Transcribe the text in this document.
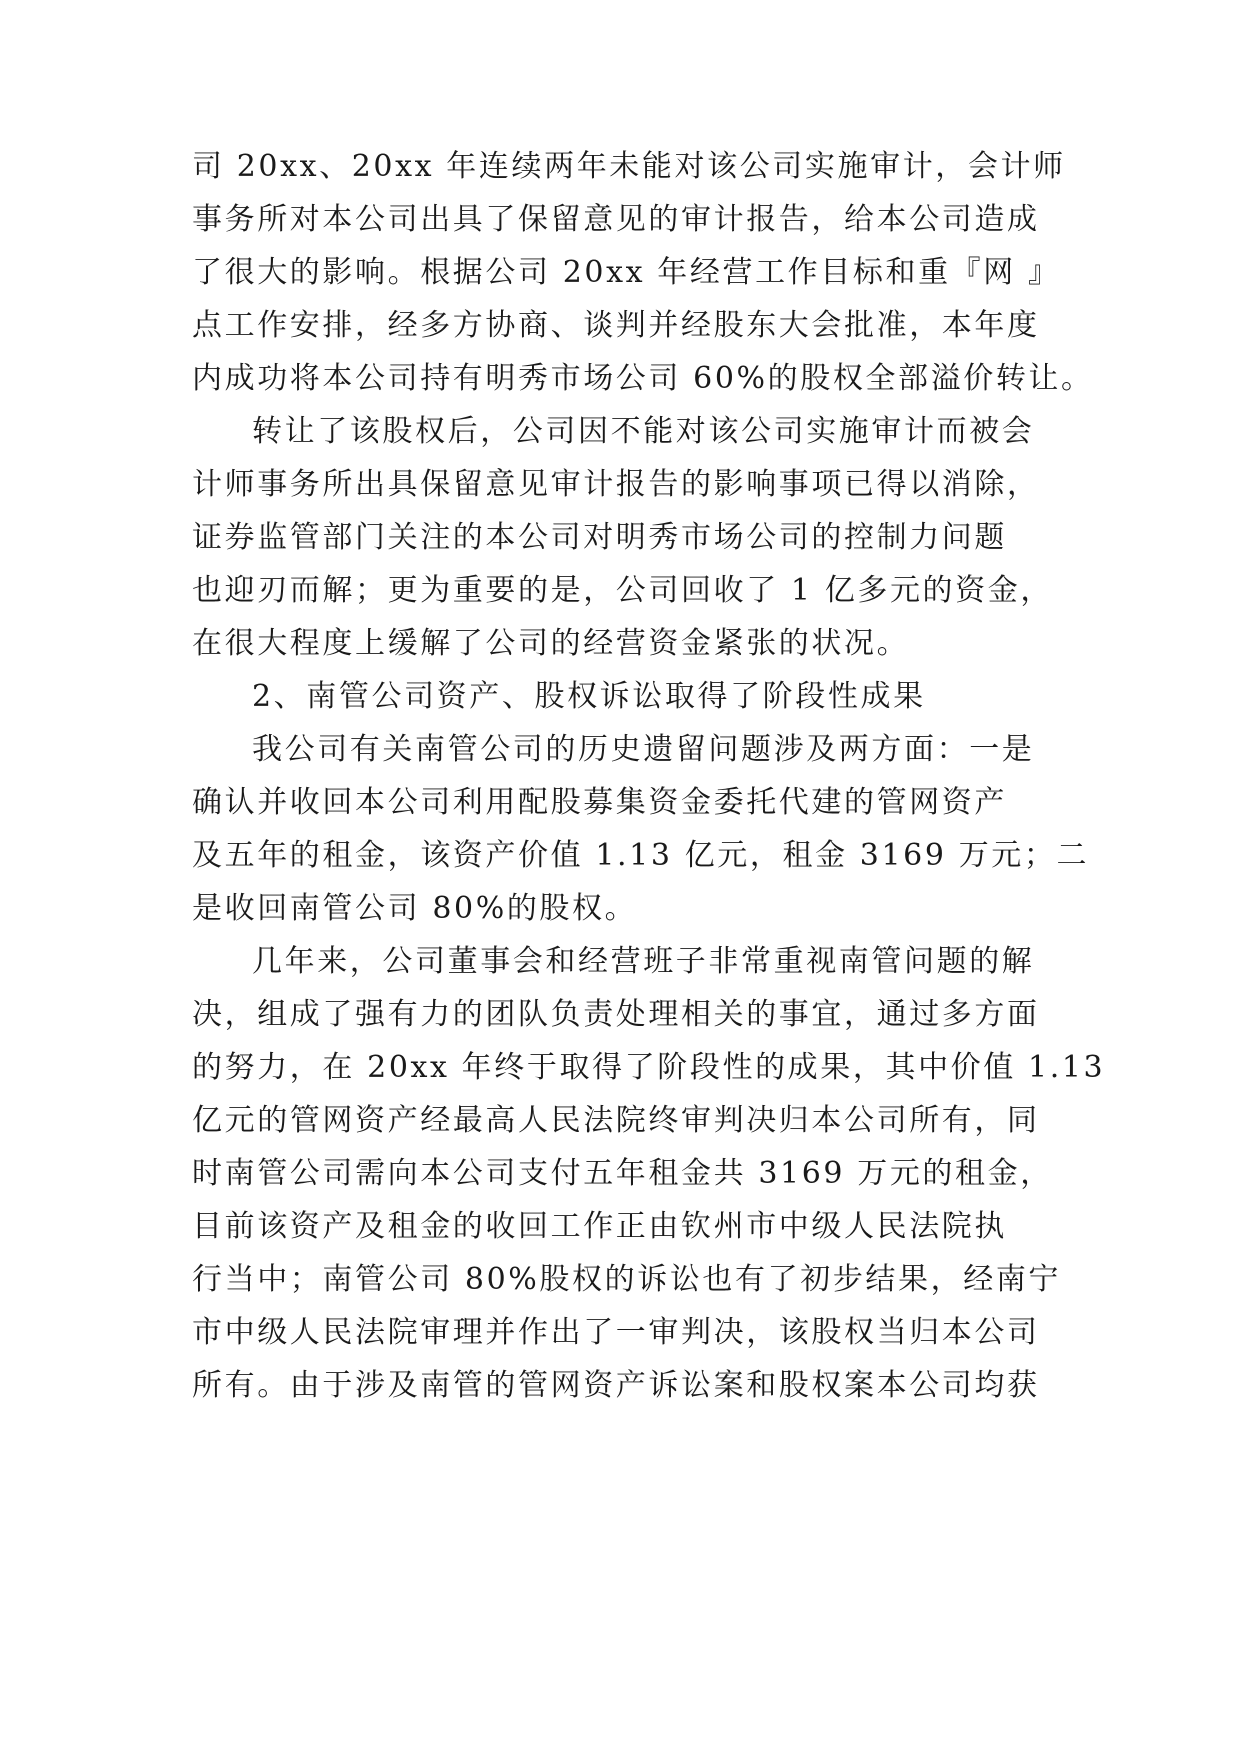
司 20xx、20xx 年连续两年未能对该公司实施审计，会计师
事务所对本公司出具了保留意见的审计报告，给本公司造成
了很大的影响。根据公司 20xx 年经营工作目标和重『网 』
点工作安排，经多方协商、谈判并经股东大会批准，本年度
内成功将本公司持有明秀市场公司 60%的股权全部溢价转让。
转让了该股权后，公司因不能对该公司实施审计而被会
计师事务所出具保留意见审计报告的影响事项已得以消除，
证券监管部门关注的本公司对明秀市场公司的控制力问题
也迎刃而解；更为重要的是，公司回收了 1 亿多元的资金，
在很大程度上缓解了公司的经营资金紧张的状况。
2、南管公司资产、股权诉讼取得了阶段性成果
我公司有关南管公司的历史遗留问题涉及两方面：一是
确认并收回本公司利用配股募集资金委托代建的管网资产
及五年的租金，该资产价值 1.13 亿元，租金 3169 万元；二
是收回南管公司 80%的股权。
几年来，公司董事会和经营班子非常重视南管问题的解
决，组成了强有力的团队负责处理相关的事宜，通过多方面
的努力，在 20xx 年终于取得了阶段性的成果，其中价值 1.13
亿元的管网资产经最高人民法院终审判决归本公司所有，同
时南管公司需向本公司支付五年租金共 3169 万元的租金，
目前该资产及租金的收回工作正由钦州市中级人民法院执
行当中；南管公司 80%股权的诉讼也有了初步结果，经南宁
市中级人民法院审理并作出了一审判决，该股权当归本公司
所有。由于涉及南管的管网资产诉讼案和股权案本公司均获
